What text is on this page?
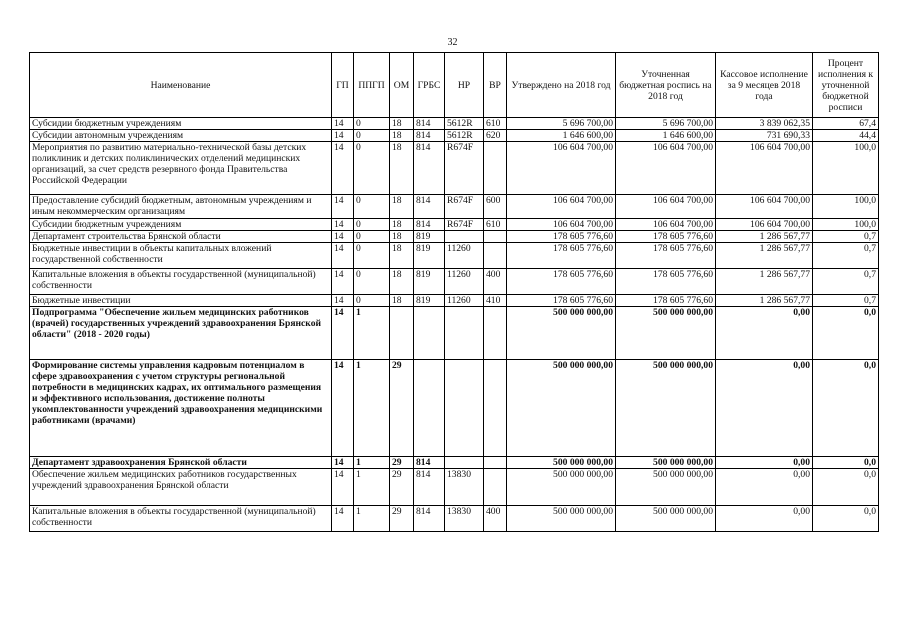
32
Наименование	ГП	ППГП	ОМ	ГРБС	НР	ВР	Утверждено на 2018 год	Уточненная бюджетная роспись на 2018 год	Кассовое исполнение за 9 месяцев 2018 года	Процент исполнения к уточненной бюджетной росписи
Субсидии бюджетным учреждениям	14	0	18	814	5612R	610	5 696 700,00	5 696 700,00	3 839 062,35	67,4
Субсидии автономным учреждениям	14	0	18	814	5612R	620	1 646 600,00	1 646 600,00	731 690,33	44,4
Мероприятия по развитию материально-технической базы детских поликлиник и детских поликлинических отделений медицинских организаций, за счет средств резервного фонда Правительства Российской Федерации	14	0	18	814	R674F		106 604 700,00	106 604 700,00	106 604 700,00	100,0
Предоставление субсидий бюджетным, автономным учреждениям и иным некоммерческим организациям	14	0	18	814	R674F	600	106 604 700,00	106 604 700,00	106 604 700,00	100,0
Субсидии бюджетным учреждениям	14	0	18	814	R674F	610	106 604 700,00	106 604 700,00	106 604 700,00	100,0
Департамент строительства Брянской области	14	0	18	819			178 605 776,60	178 605 776,60	1 286 567,77	0,7
Бюджетные инвестиции в объекты капитальных вложений государственной собственности	14	0	18	819	11260		178 605 776,60	178 605 776,60	1 286 567,77	0,7
Капитальные вложения в объекты государственной (муниципальной) собственности	14	0	18	819	11260	400	178 605 776,60	178 605 776,60	1 286 567,77	0,7
Бюджетные инвестиции	14	0	18	819	11260	410	178 605 776,60	178 605 776,60	1 286 567,77	0,7
Подпрограмма "Обеспечение жильем медицинских работников (врачей) государственных учреждений здравоохранения Брянской области" (2018 - 2020 годы)	14	1					500 000 000,00	500 000 000,00	0,00	0,0
Формирование системы управления кадровым потенциалом в сфере здравоохранения с учетом структуры региональной потребности в медицинских кадрах, их оптимального размещения и эффективного использования, достижение полноты укомплектованности учреждений здравоохранения медицинскими работниками (врачами)	14	1	29				500 000 000,00	500 000 000,00	0,00	0,0
Департамент здравоохранения Брянской области	14	1	29	814			500 000 000,00	500 000 000,00	0,00	0,0
Обеспечение жильем медицинских работников государственных учреждений здравоохранения Брянской области	14	1	29	814	13830		500 000 000,00	500 000 000,00	0,00	0,0
Капитальные вложения в объекты государственной (муниципальной) собственности	14	1	29	814	13830	400	500 000 000,00	500 000 000,00	0,00	0,0
